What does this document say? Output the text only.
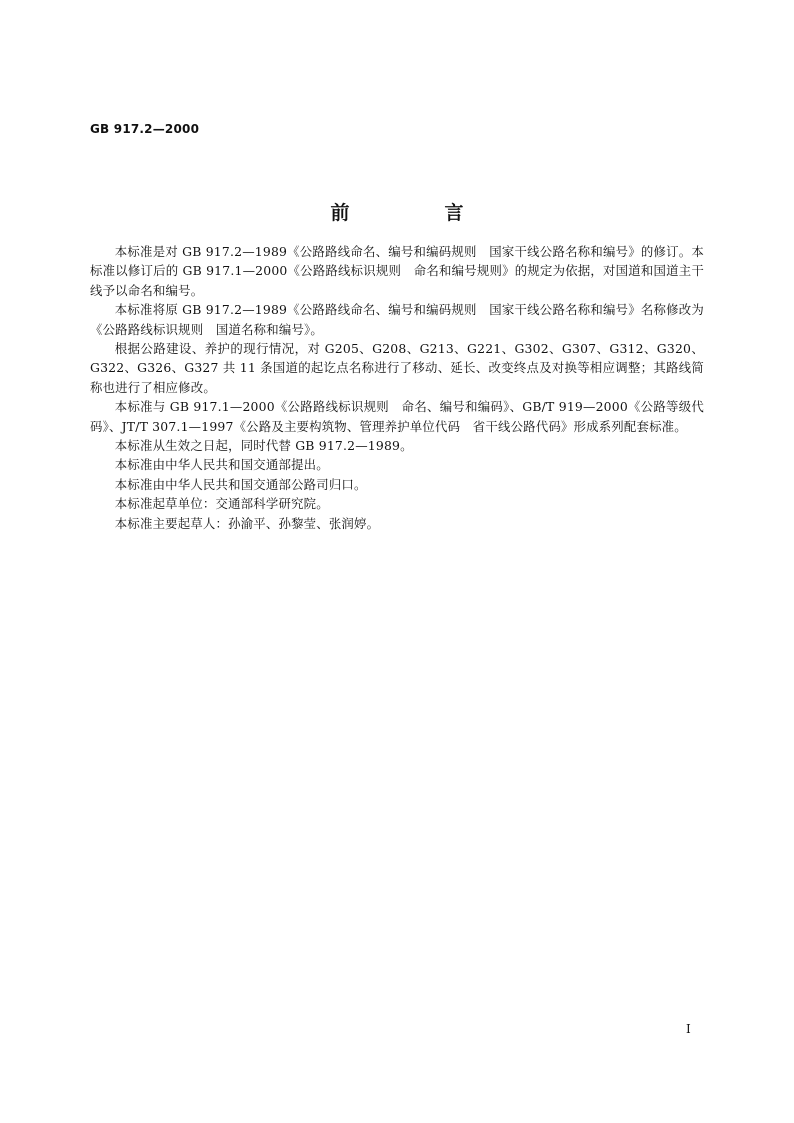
GB 917.2—2000
前　言

本标准是对 GB 917.2—1989《公路路线命名、编号和编码规则　国家干线公路名称和编号》的修订。本标准以修订后的 GB 917.1—2000《公路路线标识规则　命名和编号规则》的规定为依据，对国道和国道主干线予以命名和编号。

本标准将原 GB 917.2—1989《公路路线命名、编号和编码规则　国家干线公路名称和编号》名称修改为《公路路线标识规则　国道名称和编号》。

根据公路建设、养护的现行情况，对 G205、G208、G213、G221、G302、G307、G312、G320、G322、G326、G327 共 11 条国道的起讫点名称进行了移动、延长、改变终点及对换等相应调整；其路线简称也进行了相应修改。

本标准与 GB 917.1—2000《公路路线标识规则　命名、编号和编码》、GB/T 919—2000《公路等级代码》、JT/T 307.1—1997《公路及主要构筑物、管理养护单位代码　省干线公路代码》形成系列配套标准。

本标准从生效之日起，同时代替 GB 917.2—1989。

本标准由中华人民共和国交通部提出。

本标准由中华人民共和国交通部公路司归口。

本标准起草单位：交通部科学研究院。

本标准主要起草人：孙渝平、孙黎莹、张润婷。

I
